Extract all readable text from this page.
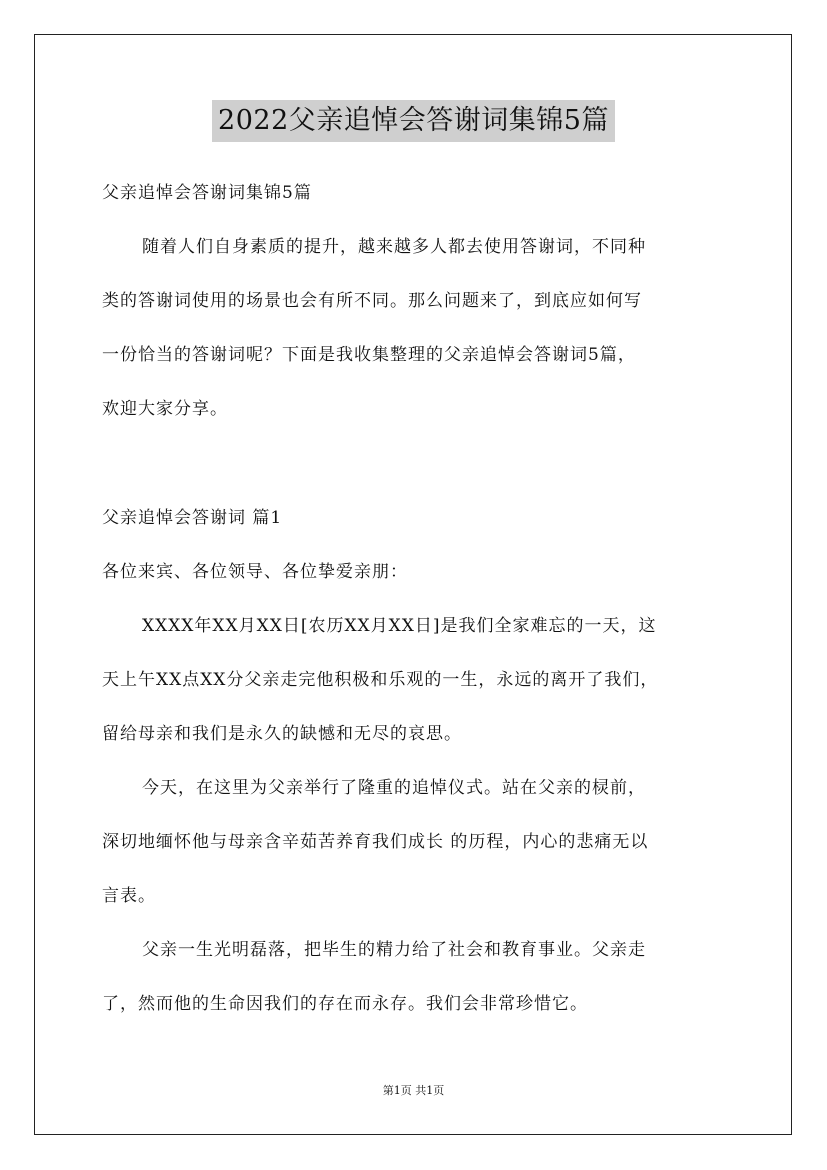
2022父亲追悼会答谢词集锦5篇
父亲追悼会答谢词集锦5篇
随着人们自身素质的提升，越来越多人都去使用答谢词，不同种
类的答谢词使用的场景也会有所不同。那么问题来了，到底应如何写
一份恰当的答谢词呢？下面是我收集整理的父亲追悼会答谢词5篇，
欢迎大家分享。
父亲追悼会答谢词 篇1
各位来宾、各位领导、各位挚爱亲朋：
XXXX年XX月XX日[农历XX月XX日]是我们全家难忘的一天，这
天上午XX点XX分父亲走完他积极和乐观的一生，永远的离开了我们，
留给母亲和我们是永久的缺憾和无尽的哀思。
今天，在这里为父亲举行了隆重的追悼仪式。站在父亲的棂前，
深切地缅怀他与母亲含辛茹苦养育我们成长 的历程，内心的悲痛无以
言表。
父亲一生光明磊落，把毕生的精力给了社会和教育事业。父亲走
了，然而他的生命因我们的存在而永存。我们会非常珍惜它。
第1页 共1页
